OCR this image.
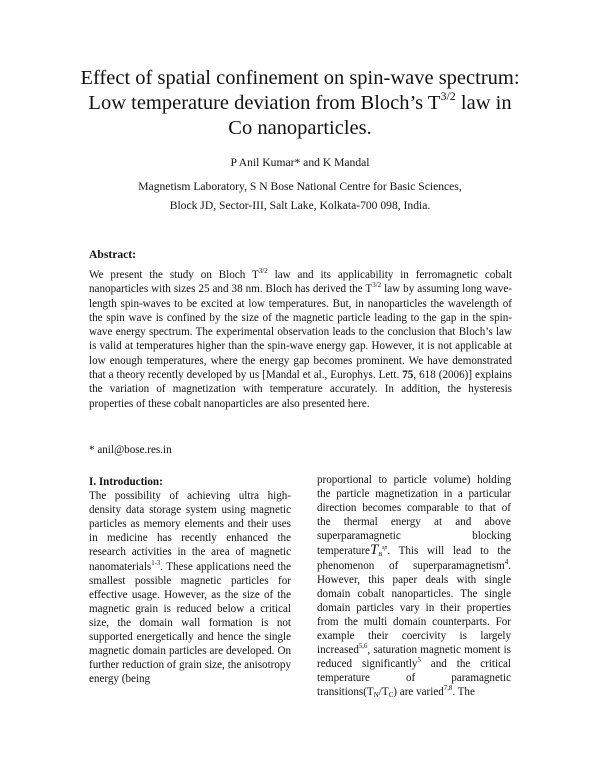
Effect of spatial confinement on spin-wave spectrum:
Low temperature deviation from Bloch’s $T^{3/2}$ law in
Co nanoparticles.
P Anil Kumar* and K Mandal
Magnetism Laboratory, S N Bose National Centre for Basic Sciences,
Block JD, Sector-III, Salt Lake, Kolkata-700 098, India.
Abstract:
We present the study on Bloch $T^{3/2}$ law and its applicability in ferromagnetic cobalt nanoparticles with sizes 25 and 38 nm. Bloch has derived the $T^{3/2}$ law by assuming long wave-length spin-waves to be excited at low temperatures. But, in nanoparticles the wavelength of the spin wave is confined by the size of the magnetic particle leading to the gap in the spin-wave energy spectrum. The experimental observation leads to the conclusion that Bloch’s law is valid at temperatures higher than the spin-wave energy gap. However, it is not applicable at low enough temperatures, where the energy gap becomes prominent. We have demonstrated that a theory recently developed by us [Mandal et al., Europhys. Lett. 75, 618 (2006)] explains the variation of magnetization with temperature accurately. In addition, the hysteresis properties of these cobalt nanoparticles are also presented here.
* anil@bose.res.in
I. Introduction:
The possibility of achieving ultra high-density data storage system using magnetic particles as memory elements and their uses in medicine has recently enhanced the research activities in the area of magnetic nanomaterials$^{1-3}$. These applications need the smallest possible magnetic particles for effective usage. However, as the size of the magnetic grain is reduced below a critical size, the domain wall formation is not supported energetically and hence the single magnetic domain particles are developed. On further reduction of grain size, the anisotropy energy (being
proportional to particle volume) holding the particle magnetization in a particular direction becomes comparable to that of the thermal energy at and above superparamagnetic blocking temperatureT$_B^{sp}$. This will lead to the phenomenon of superparamagnetism$^4$. However, this paper deals with single domain cobalt nanoparticles. The single domain particles vary in their properties from the multi domain counterparts. For example their coercivity is largely increased$^{5,6}$, saturation magnetic moment is reduced significantly$^5$ and the critical temperature of paramagnetic $transitions(T_N/T_C)$ are varied$^{7,8}$. The
